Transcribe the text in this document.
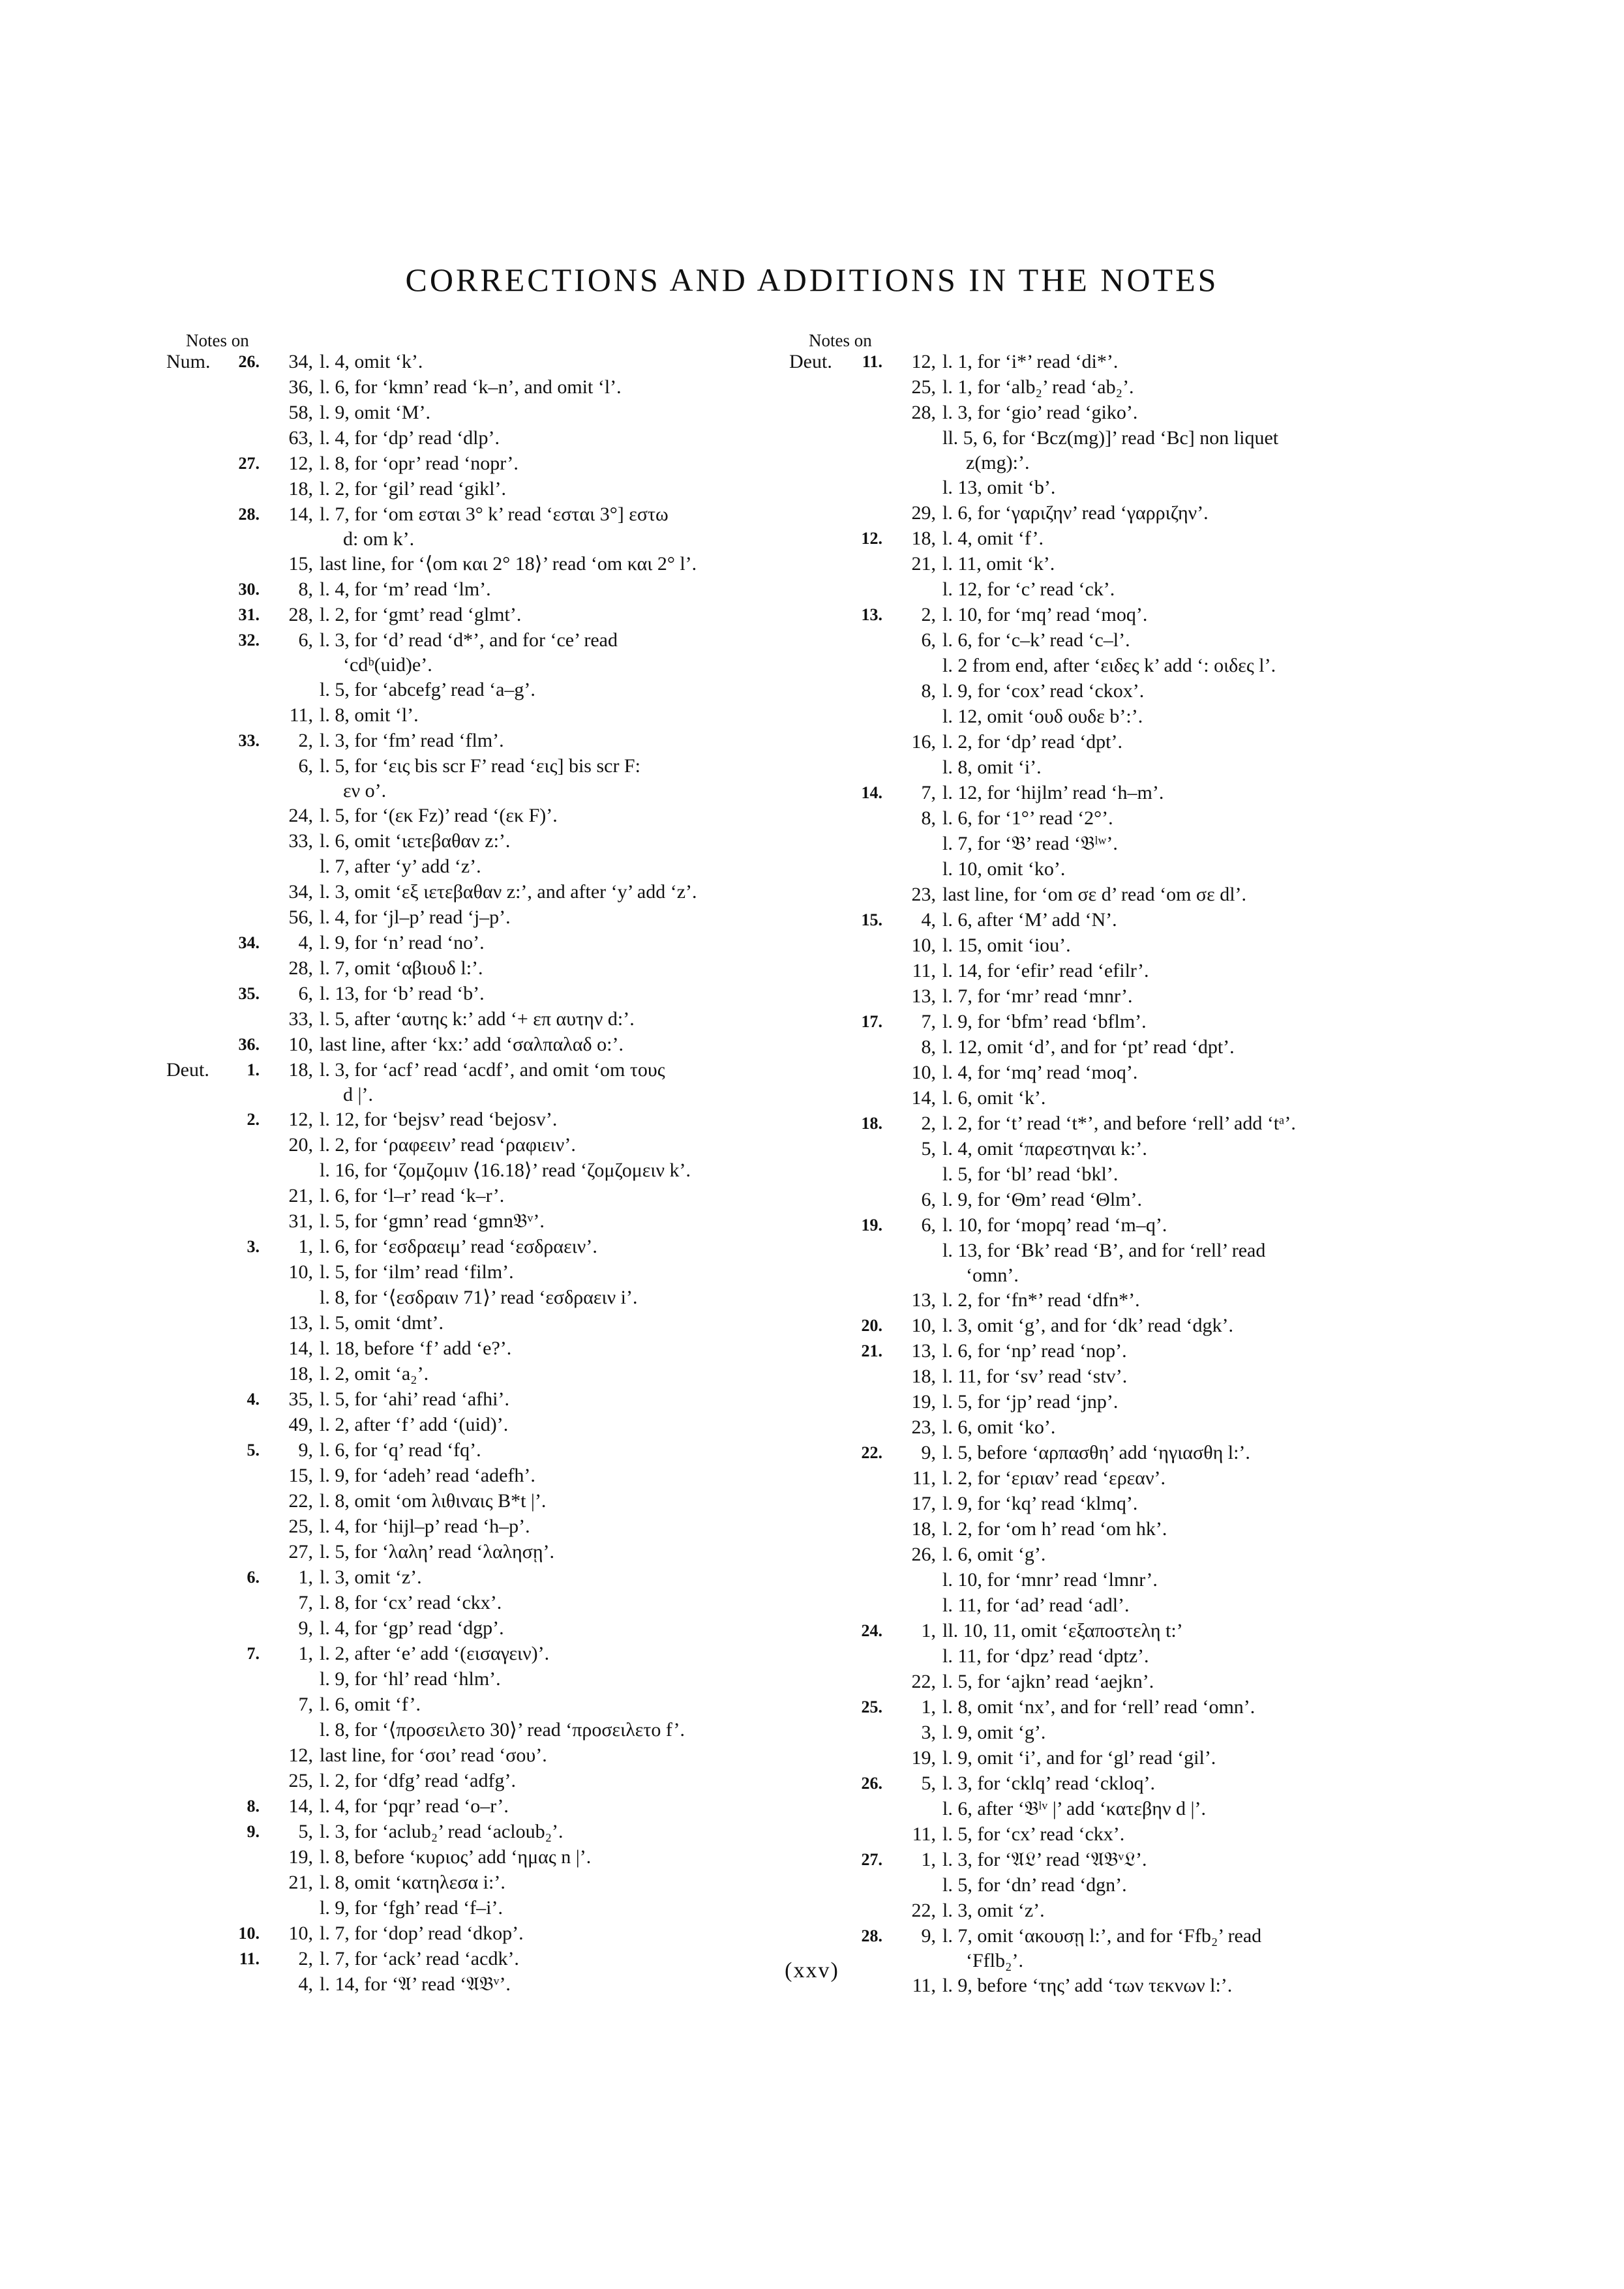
CORRECTIONS AND ADDITIONS IN THE NOTES
Notes on
Num.	26.	34, l. 4, omit ‘k’.
36, l. 6, for ‘kmn’ read ‘k–n’, and omit ‘l’.
58, l. 9, omit ‘M’.
63, l. 4, for ‘dp’ read ‘dlp’.
27.	12, l. 8, for ‘opr’ read ‘nopr’.
18, l. 2, for ‘gil’ read ‘gikl’.
28.	14, l. 7, for ‘om εσται 3° k’ read ‘εσται 3°] εστω
d: om k’.
15, last line, for ‘⟨om και 2° 18⟩’ read ‘om και 2° l’.
30.	8, l. 4, for ‘m’ read ‘lm’.
31.	28, l. 2, for ‘gmt’ read ‘glmt’.
32.	6, l. 3, for ‘d’ read ‘d*’, and for ‘ce’ read
‘cdᵇ(uid)e’.
l. 5, for ‘abcefg’ read ‘a–g’.
11, l. 8, omit ‘l’.
33.	2, l. 3, for ‘fm’ read ‘flm’.
6, l. 5, for ‘εις bis scr F’ read ‘εις] bis scr F:
εν o’.
24, l. 5, for ‘(εκ Fz)’ read ‘(εκ F)’.
33, l. 6, omit ‘ιετεβαθαν z:’.
l. 7, after ‘y’ add ‘z’.
34, l. 3, omit ‘εξ ιετεβαθαν z:’, and after ‘y’ add ‘z’.
56, l. 4, for ‘jl–p’ read ‘j–p’.
34.	4, l. 9, for ‘n’ read ‘no’.
28, l. 7, omit ‘αβιουδ l:’.
35.	6, l. 13, for ‘b’ read ‘b’.
33, l. 5, after ‘αυτης k:’ add ‘+ επ αυτην d:’.
36.	10, last line, after ‘kx:’ add ‘σαλπαλαδ o:’.
Deut.	1.	18, l. 3, for ‘acf’ read ‘acdf’, and omit ‘om τους
d |’.
2.	12, l. 12, for ‘bejsv’ read ‘bejosv’.
20, l. 2, for ‘ραφεειν’ read ‘ραφιειν’.
l. 16, for ‘ζομζομιν ⟨16.18⟩’ read ‘ζομζομειν k’.
21, l. 6, for ‘l–r’ read ‘k–r’.
31, l. 5, for ‘gmn’ read ‘gmn𝔅ᵛ’.
3.	1, l. 6, for ‘εσδραειμ’ read ‘εσδραειν’.
10, l. 5, for ‘ilm’ read ‘film’.
l. 8, for ‘⟨εσδραιν 71⟩’ read ‘εσδραειν i’.
13, l. 5, omit ‘dmt’.
14, l. 18, before ‘f’ add ‘e?’.
18, l. 2, omit ‘a₂’.
4.	35, l. 5, for ‘ahi’ read ‘afhi’.
49, l. 2, after ‘f’ add ‘(uid)’.
5.	9, l. 6, for ‘q’ read ‘fq’.
15, l. 9, for ‘adeh’ read ‘adefh’.
22, l. 8, omit ‘om λιθιναις B*t |’.
25, l. 4, for ‘hijl–p’ read ‘h–p’.
27, l. 5, for ‘λαλη’ read ‘λαλησῃ’.
6.	1, l. 3, omit ‘z’.
7, l. 8, for ‘cx’ read ‘ckx’.
9, l. 4, for ‘gp’ read ‘dgp’.
7.	1, l. 2, after ‘e’ add ‘(εισαγειν)’.
l. 9, for ‘hl’ read ‘hlm’.
7, l. 6, omit ‘f’.
l. 8, for ‘⟨προσειλετο 30⟩’ read ‘προσειλετο f’.
12, last line, for ‘σοι’ read ‘σου’.
25, l. 2, for ‘dfg’ read ‘adfg’.
8.	14, l. 4, for ‘pqr’ read ‘o–r’.
9.	5, l. 3, for ‘aclub₂’ read ‘acloub₂’.
19, l. 8, before ‘κυριος’ add ‘ημας n |’.
21, l. 8, omit ‘κατηλεσα i:’.
l. 9, for ‘fgh’ read ‘f–i’.
10.	10, l. 7, for ‘dop’ read ‘dkop’.
11.	2, l. 7, for ‘ack’ read ‘acdk’.
4, l. 14, for ‘𝔄’ read ‘𝔄𝔅ᵛ’.
Notes on
Deut.	11.	12, l. 1, for ‘i*’ read ‘di*’.
25, l. 1, for ‘alb₂’ read ‘ab₂’.
28, l. 3, for ‘gio’ read ‘giko’.
ll. 5, 6, for ‘Bcz(mg)]’ read ‘Bc] non liquet
z(mg):’.
l. 13, omit ‘b’.
29, l. 6, for ‘γαριζην’ read ‘γαρριζην’.
12.	18, l. 4, omit ‘f’.
21, l. 11, omit ‘k’.
l. 12, for ‘c’ read ‘ck’.
13.	2, l. 10, for ‘mq’ read ‘moq’.
6, l. 6, for ‘c–k’ read ‘c–l’.
l. 2 from end, after ‘ειδες k’ add ‘: οιδες l’.
8, l. 9, for ‘cox’ read ‘ckox’.
l. 12, omit ‘ουδ ουδε b’:’.
16, l. 2, for ‘dp’ read ‘dpt’.
l. 8, omit ‘i’.
14.	7, l. 12, for ‘hijlm’ read ‘h–m’.
8, l. 6, for ‘1°’ read ‘2°’.
l. 7, for ‘𝔅’ read ‘𝔅ˡʷ’.
l. 10, omit ‘ko’.
23, last line, for ‘om σε d’ read ‘om σε dl’.
15.	4, l. 6, after ‘M’ add ‘N’.
10, l. 15, omit ‘iou’.
11, l. 14, for ‘efir’ read ‘efilr’.
13, l. 7, for ‘mr’ read ‘mnr’.
17.	7, l. 9, for ‘bfm’ read ‘bflm’.
8, l. 12, omit ‘d’, and for ‘pt’ read ‘dpt’.
10, l. 4, for ‘mq’ read ‘moq’.
14, l. 6, omit ‘k’.
18.	2, l. 2, for ‘t’ read ‘t*’, and before ‘rell’ add ‘tᵃ’.
5, l. 4, omit ‘παρεστηναι k:’.
l. 5, for ‘bl’ read ‘bkl’.
6, l. 9, for ‘Θm’ read ‘Θlm’.
19.	6, l. 10, for ‘mopq’ read ‘m–q’.
l. 13, for ‘Bk’ read ‘B’, and for ‘rell’ read
‘omn’.
13, l. 2, for ‘fn*’ read ‘dfn*’.
20.	10, l. 3, omit ‘g’, and for ‘dk’ read ‘dgk’.
21.	13, l. 6, for ‘np’ read ‘nop’.
18, l. 11, for ‘sv’ read ‘stv’.
19, l. 5, for ‘jp’ read ‘jnp’.
23, l. 6, omit ‘ko’.
22.	9, l. 5, before ‘αρπασθη’ add ‘ηγιασθη l:’.
11, l. 2, for ‘εριαν’ read ‘ερεαν’.
17, l. 9, for ‘kq’ read ‘klmq’.
18, l. 2, for ‘om h’ read ‘om hk’.
26, l. 6, omit ‘g’.
l. 10, for ‘mnr’ read ‘lmnr’.
l. 11, for ‘ad’ read ‘adl’.
24.	1, ll. 10, 11, omit ‘εξαποστελη t:’
l. 11, for ‘dpz’ read ‘dptz’.
22, l. 5, for ‘ajkn’ read ‘aejkn’.
25.	1, l. 8, omit ‘nx’, and for ‘rell’ read ‘omn’.
3, l. 9, omit ‘g’.
19, l. 9, omit ‘i’, and for ‘gl’ read ‘gil’.
26.	5, l. 3, for ‘cklq’ read ‘ckloq’.
l. 6, after ‘𝔅ˡᵛ |’ add ‘κατεβην d |’.
11, l. 5, for ‘cx’ read ‘ckx’.
27.	1, l. 3, for ‘𝔄𝔏’ read ‘𝔄𝔅ᵛ𝔏’.
l. 5, for ‘dn’ read ‘dgn’.
22, l. 3, omit ‘z’.
28.	9, l. 7, omit ‘ακουσῃ l:’, and for ‘Ffb₂’ read
‘Fflb₂’.
11, l. 9, before ‘της’ add ‘των τεκνων l:’.
(xxv)
